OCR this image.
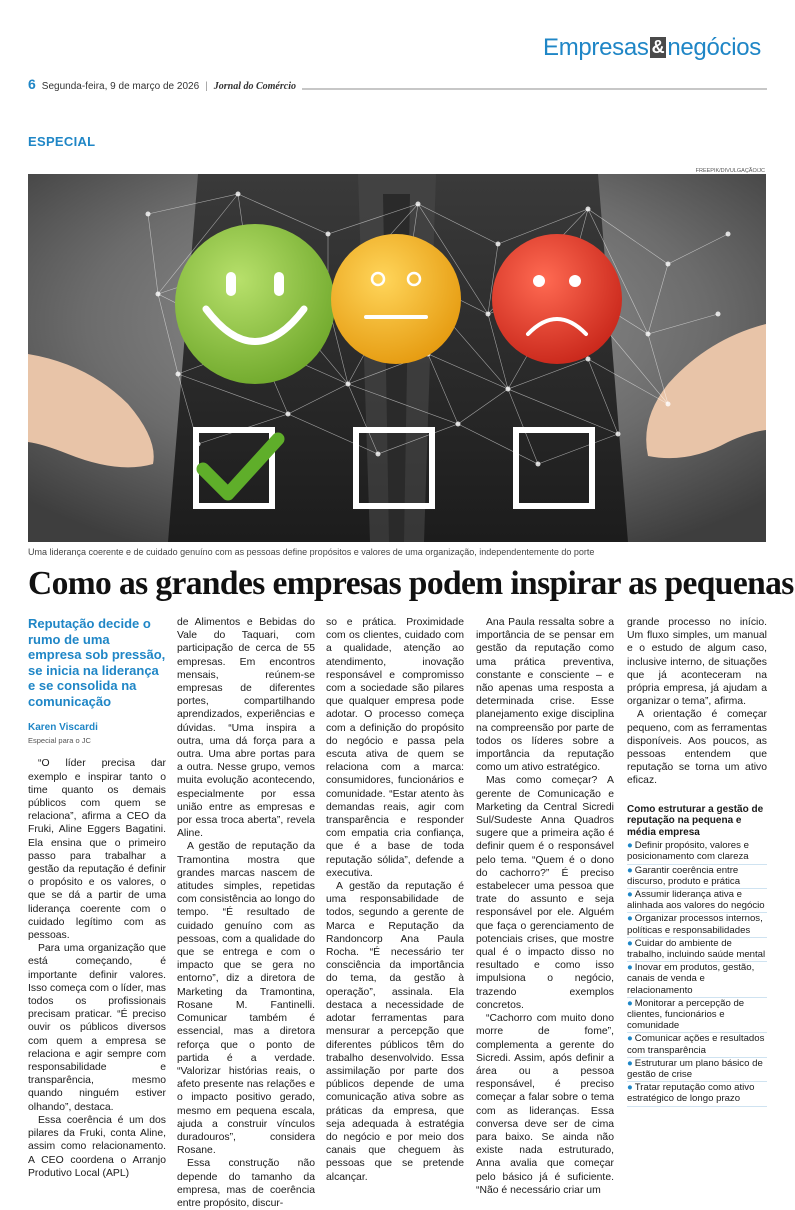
Empresas & negócios
6 Segunda-feira, 9 de março de 2026 | Jornal do Comércio
ESPECIAL
FREEPIK/DIVULGAÇÃO/JC
Uma liderança coerente e de cuidado genuíno com as pessoas define propósitos e valores de uma organização, independentemente do porte
Como as grandes empresas podem inspirar as pequenas
Reputação decide o rumo de uma empresa sob pressão, se inicia na liderança e se consolida na comunicação
Karen Viscardi
Especial para o JC

“O líder precisa dar exemplo e inspirar tanto o time quanto os demais públicos com quem se relaciona”, afirma a CEO da Fruki, Aline Eggers Bagatini. Ela ensina que o primeiro passo para trabalhar a gestão da reputação é definir o propósito e os valores, o que se dá a partir de uma liderança coerente com o cuidado legítimo com as pessoas.

Para uma organização que está começando, é importante definir valores. Isso começa com o líder, mas todos os profissionais precisam praticar. “É preciso ouvir os públicos diversos com quem a empresa se relaciona e agir sempre com responsabilidade e transparência, mesmo quando ninguém estiver olhando”, destaca.

Essa coerência é um dos pilares da Fruki, conta Aline, assim como relacionamento. A CEO coordena o Arranjo Produtivo Local (APL)

de Alimentos e Bebidas do Vale do Taquari, com participação de cerca de 55 empresas. Em encontros mensais, reúnem-se empresas de diferentes portes, compartilhando aprendizados, experiências e dúvidas. “Uma inspira a outra, uma dá força para a outra. Uma abre portas para a outra. Nesse grupo, vemos muita evolução acontecendo, especialmente por essa união entre as empresas e por essa troca aberta”, revela Aline.

A gestão de reputação da Tramontina mostra que grandes marcas nascem de atitudes simples, repetidas com consistência ao longo do tempo. “É resultado de cuidado genuíno com as pessoas, com a qualidade do que se entrega e com o impacto que se gera no entorno”, diz a diretora de Marketing da Tramontina, Rosane M. Fantinelli. Comunicar também é essencial, mas a diretora reforça que o ponto de partida é a verdade. “Valorizar histórias reais, o afeto presente nas relações e o impacto positivo gerado, mesmo em pequena escala, ajuda a construir vínculos duradouros”, considera Rosane.

Essa construção não depende do tamanho da empresa, mas de coerência entre propósito, discur-

so e prática. Proximidade com os clientes, cuidado com a qualidade, atenção ao atendimento, inovação responsável e compromisso com a sociedade são pilares que qualquer empresa pode adotar. O processo começa com a definição do propósito do negócio e passa pela escuta ativa de quem se relaciona com a marca: consumidores, funcionários e comunidade. “Estar atento às demandas reais, agir com transparência e responder com empatia cria confiança, que é a base de toda reputação sólida”, defende a executiva.

A gestão da reputação é uma responsabilidade de todos, segundo a gerente de Marca e Reputação da Randoncorp Ana Paula Rocha. “É necessário ter consciência da importância do tema, da gestão à operação”, assinala. Ela destaca a necessidade de adotar ferramentas para mensurar a percepção que diferentes públicos têm do trabalho desenvolvido. Essa assimilação por parte dos públicos depende de uma comunicação ativa sobre as práticas da empresa, que seja adequada à estratégia do negócio e por meio dos canais que cheguem às pessoas que se pretende alcançar.

Ana Paula ressalta sobre a importância de se pensar em gestão da reputação como uma prática preventiva, constante e consciente – e não apenas uma resposta a determinada crise. Esse planejamento exige disciplina na compreensão por parte de todos os líderes sobre a importância da reputação como um ativo estratégico.

Mas como começar? A gerente de Comunicação e Marketing da Central Sicredi Sul/Sudeste Anna Quadros sugere que a primeira ação é definir quem é o responsável pelo tema. “Quem é o dono do cachorro?” É preciso estabelecer uma pessoa que trate do assunto e seja responsável por ele. Alguém que faça o gerenciamento de potenciais crises, que mostre qual é o impacto disso no resultado e como isso impulsiona o negócio, trazendo exemplos concretos.

“Cachorro com muito dono morre de fome”, complementa a gerente do Sicredi. Assim, após definir a área ou a pessoa responsável, é preciso começar a falar sobre o tema com as lideranças. Essa conversa deve ser de cima para baixo. Se ainda não existe nada estruturado, Anna avalia que começar pelo básico já é suficiente. “Não é necessário criar um

grande processo no início. Um fluxo simples, um manual e o estudo de algum caso, inclusive interno, de situações que já aconteceram na própria empresa, já ajudam a organizar o tema”, afirma.

A orientação é começar pequeno, com as ferramentas disponíveis. Aos poucos, as pessoas entendem que reputação se torna um ativo eficaz.

Como estruturar a gestão de reputação na pequena e média empresa
● Definir propósito, valores e posicionamento com clareza
● Garantir coerência entre discurso, produto e prática
● Assumir liderança ativa e alinhada aos valores do negócio
● Organizar processos internos, políticas e responsabilidades
● Cuidar do ambiente de trabalho, incluindo saúde mental
● Inovar em produtos, gestão, canais de venda e relacionamento
● Monitorar a percepção de clientes, funcionários e comunidade
● Comunicar ações e resultados com transparência
● Estruturar um plano básico de gestão de crise
● Tratar reputação como ativo estratégico de longo prazo
